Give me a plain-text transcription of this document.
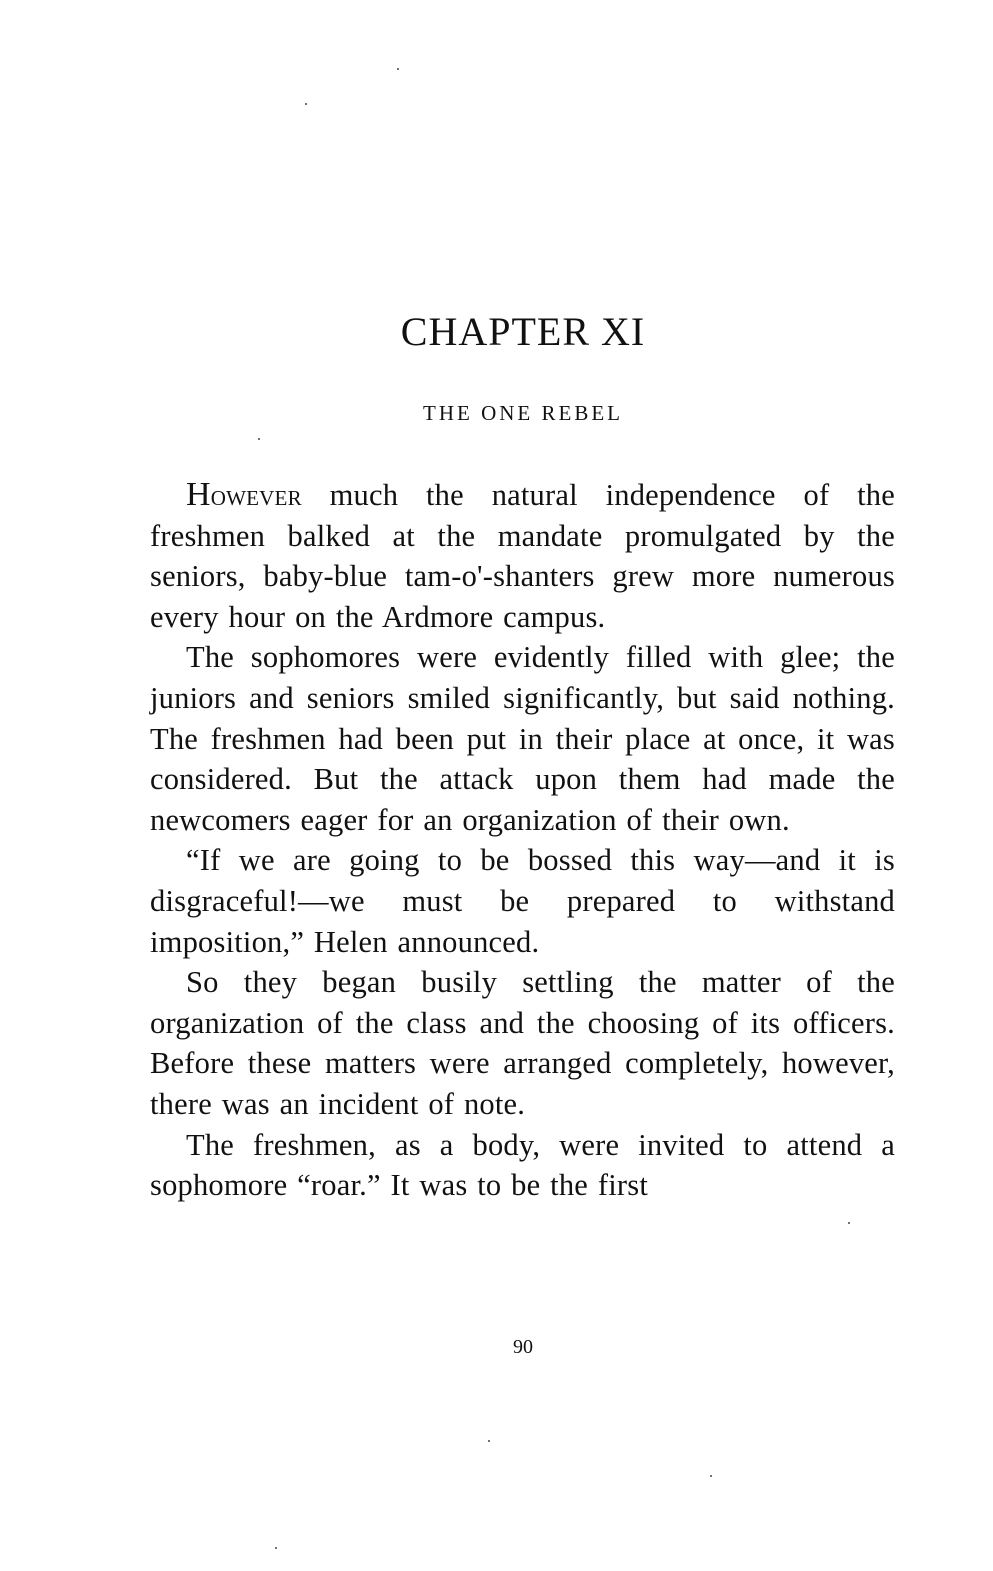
CHAPTER XI
THE ONE REBEL

However much the natural independence of the freshmen balked at the mandate promulgated by the seniors, baby-blue tam-o'-shanters grew more numerous every hour on the Ardmore campus.

The sophomores were evidently filled with glee; the juniors and seniors smiled significantly, but said nothing. The freshmen had been put in their place at once, it was considered. But the attack upon them had made the newcomers eager for an organization of their own.

“If we are going to be bossed this way—and it is disgraceful!—we must be prepared to withstand imposition,” Helen announced.

So they began busily settling the matter of the organization of the class and the choosing of its officers. Before these matters were arranged completely, however, there was an incident of note.

The freshmen, as a body, were invited to attend a sophomore “roar.” It was to be the first

90
